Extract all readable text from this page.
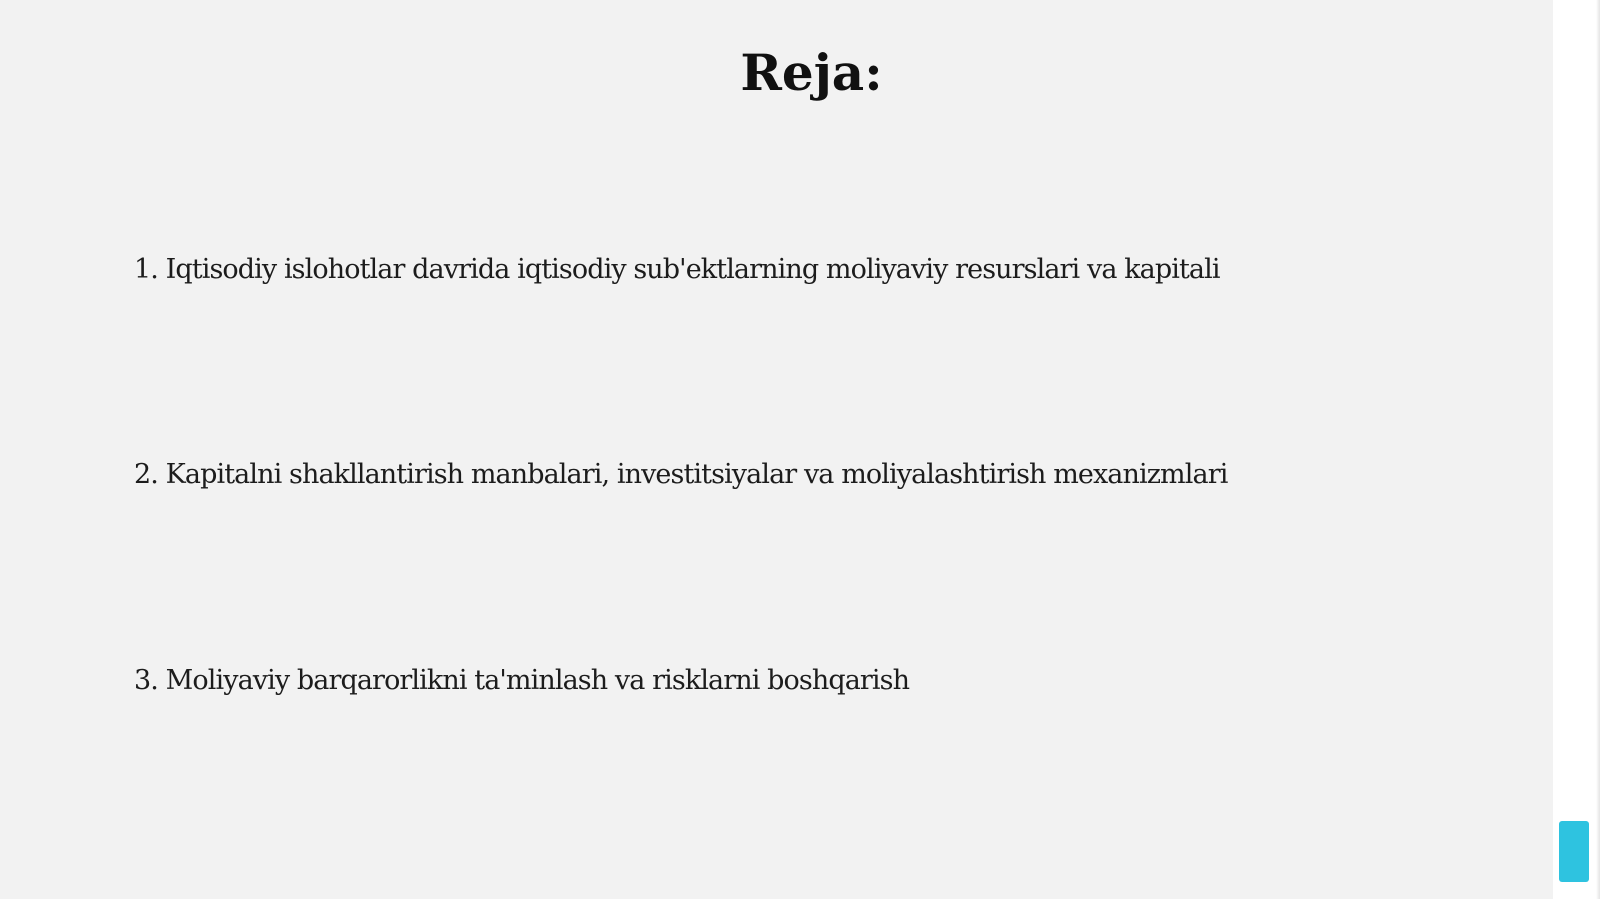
Reja:

1. Iqtisodiy islohotlar davrida iqtisodiy sub'ektlarning moliyaviy resurslari va kapitali

2. Kapitalni shakllantirish manbalari, investitsiyalar va moliyalashtirish mexanizmlari

3. Moliyaviy barqarorlikni ta'minlash va risklarni boshqarish
